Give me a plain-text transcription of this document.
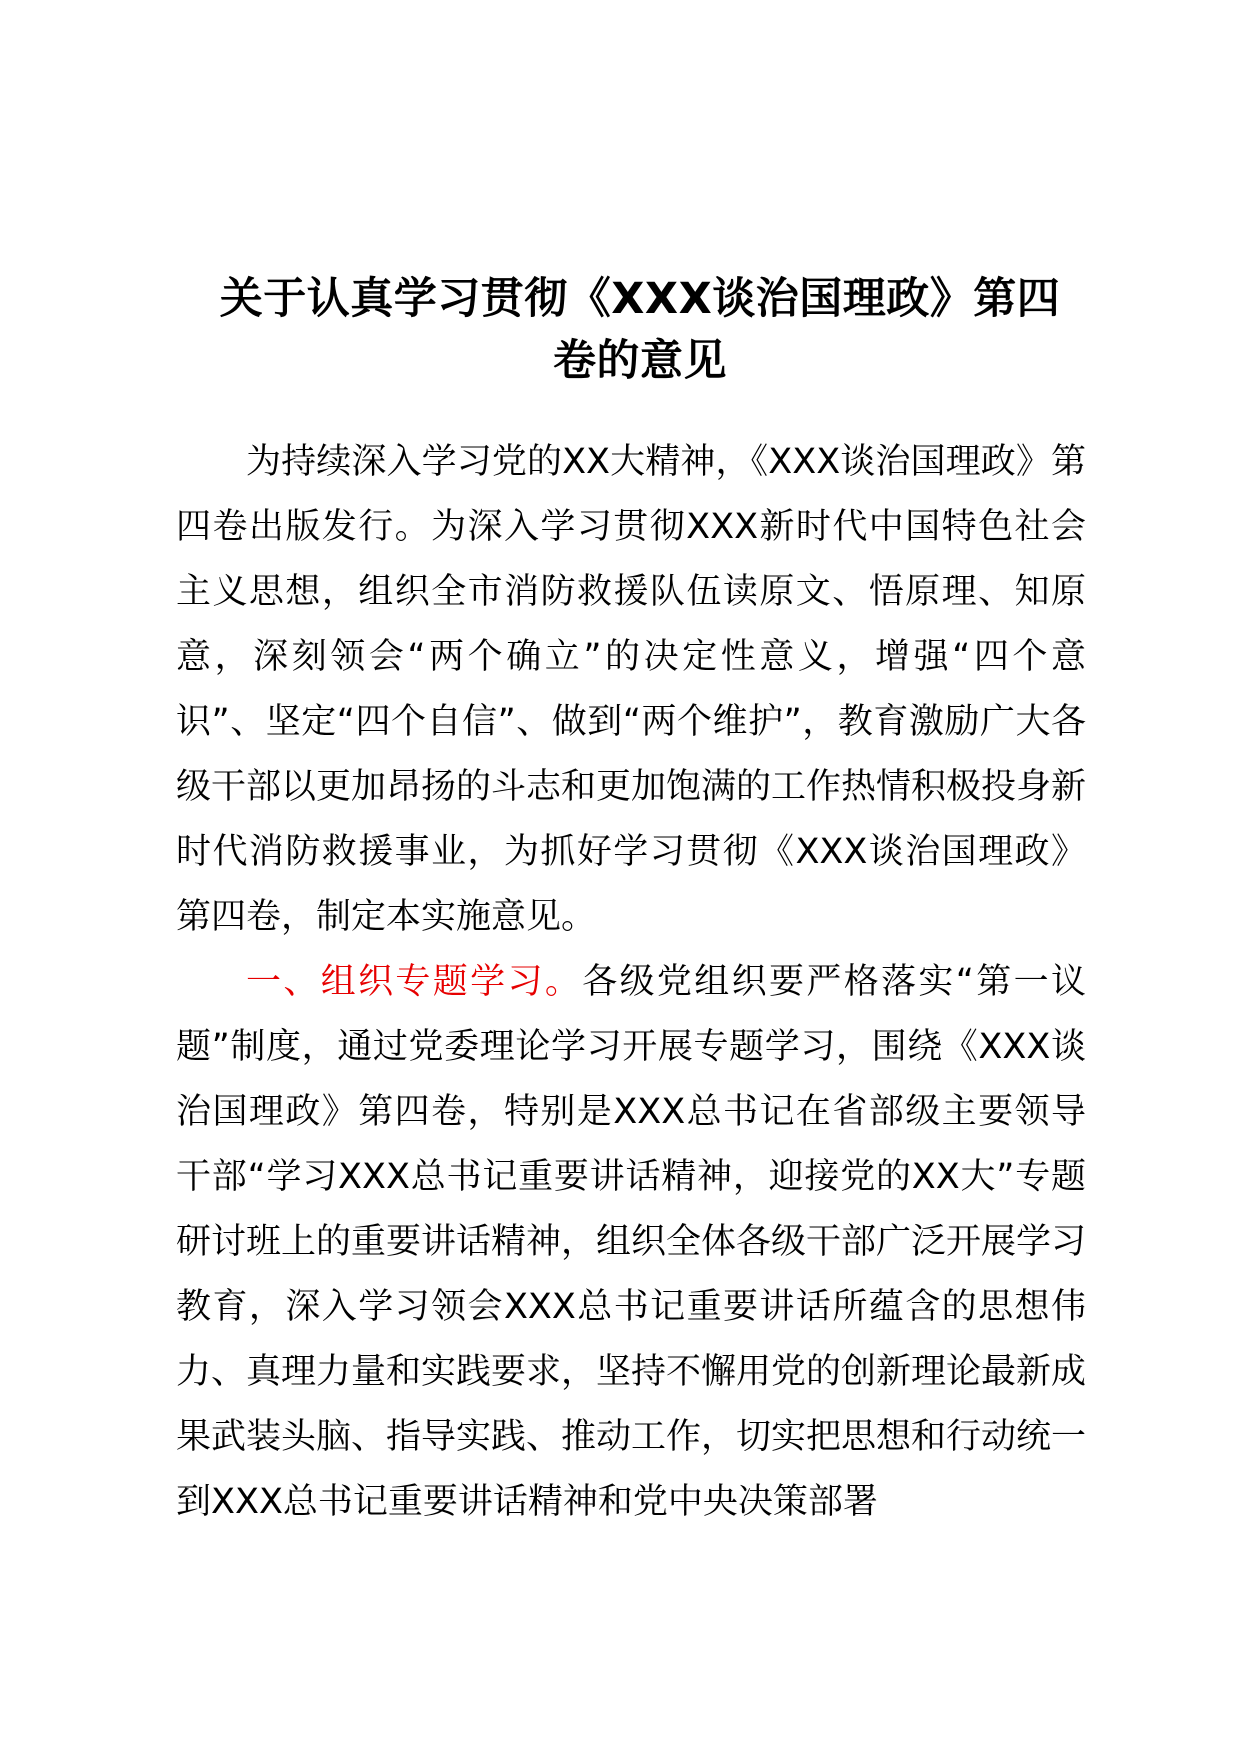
关于认真学习贯彻《XXX谈治国理政》第四
卷的意见

为持续深入学习党的XX大精神，《XXX谈治国理政》第四卷出版发行。为深入学习贯彻XXX新时代中国特色社会主义思想，组织全市消防救援队伍读原文、悟原理、知原意，深刻领会“两个确立”的决定性意义，增强“四个意识”、坚定“四个自信”、做到“两个维护”，教育激励广大各级干部以更加昂扬的斗志和更加饱满的工作热情积极投身新时代消防救援事业，为抓好学习贯彻《XXX谈治国理政》第四卷，制定本实施意见。

一、组织专题学习。各级党组织要严格落实“第一议题”制度，通过党委理论学习开展专题学习，围绕《XXX谈治国理政》第四卷，特别是XXX总书记在省部级主要领导干部“学习XXX总书记重要讲话精神，迎接党的XX大”专题研讨班上的重要讲话精神，组织全体各级干部广泛开展学习教育，深入学习领会XXX总书记重要讲话所蕴含的思想伟力、真理力量和实践要求，坚持不懈用党的创新理论最新成果武装头脑、指导实践、推动工作，切实把思想和行动统一到XXX总书记重要讲话精神和党中央决策部署
